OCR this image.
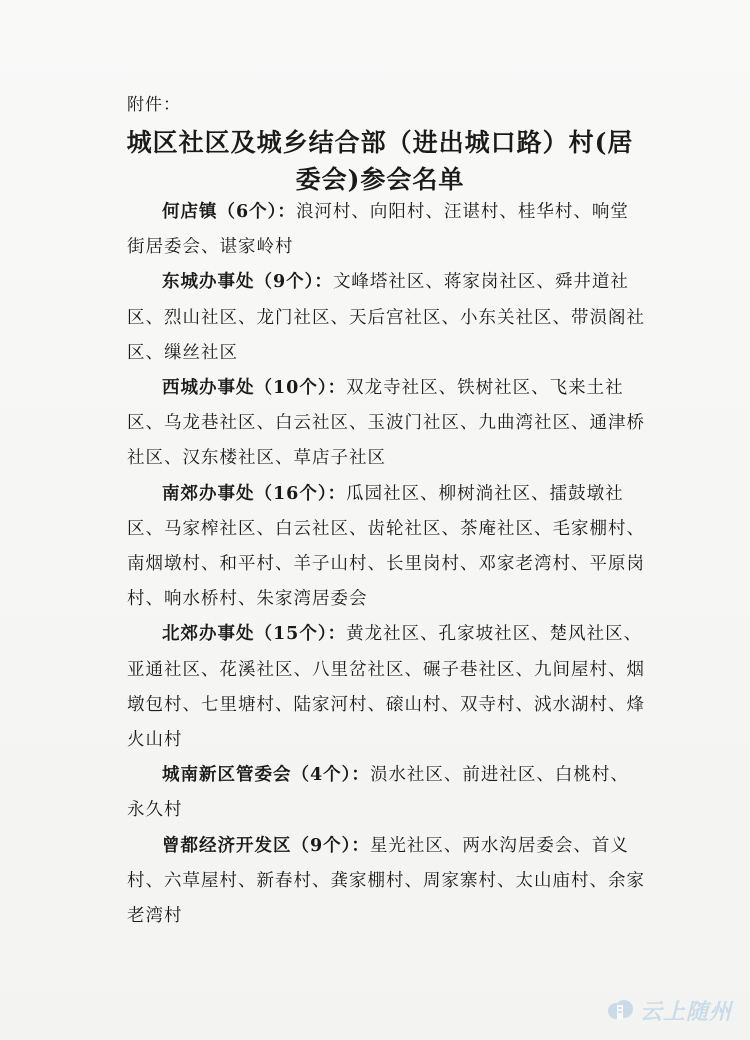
附件：
城区社区及城乡结合部（进出城口路）村(居
委会)参会名单

何店镇（6个）：浪河村、向阳村、汪谌村、桂华村、响堂街居委会、谌家岭村

东城办事处（9个）：文峰塔社区、蒋家岗社区、舜井道社区、烈山社区、龙门社区、天后宫社区、小东关社区、带涢阁社区、缫丝社区

西城办事处（10个）：双龙寺社区、铁树社区、飞来土社区、乌龙巷社区、白云社区、玉波门社区、九曲湾社区、通津桥社区、汉东楼社区、草店子社区

南郊办事处（16个）：瓜园社区、柳树淌社区、擂鼓墩社区、马家榨社区、白云社区、齿轮社区、茶庵社区、毛家棚村、南烟墩村、和平村、羊子山村、长里岗村、邓家老湾村、平原岗村、响水桥村、朱家湾居委会

北郊办事处（15个）：黄龙社区、孔家坡社区、楚风社区、亚通社区、花溪社区、八里岔社区、碾子巷社区、九间屋村、烟墩包村、七里塘村、陆家河村、磙山村、双寺村、㳚水湖村、烽火山村

城南新区管委会（4个）：涢水社区、前进社区、白桃村、永久村

曾都经济开发区（9个）：星光社区、两水沟居委会、首义村、六草屋村、新春村、龚家棚村、周家寨村、太山庙村、余家老湾村

云上随州
